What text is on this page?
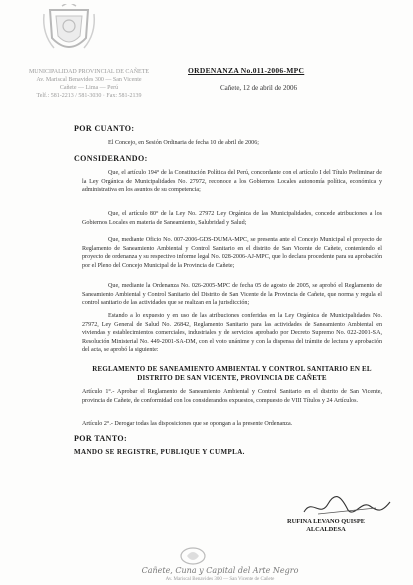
MUNICIPALIDAD PROVINCIAL DE CAÑETE
Av. Mariscal Benavides 300 — San Vicente
Cañete — Lima — Perú
Telf.: 581-2213 / 581-3030 · Fax: 581-2139
ORDENANZA No.011-2006-MPC
Cañete, 12 de abril de 2006
POR CUANTO:
El Concejo, en Sesión Ordinaria de fecha 10 de abril de 2006;
CONSIDERANDO:
Que, el artículo 194° de la Constitución Política del Perú, concordante con el artículo I del Título Preliminar de la Ley Orgánica de Municipalidades No. 27972, reconoce a los Gobiernos Locales autonomía política, económica y administrativa en los asuntos de su competencia;
Que, el artículo 80° de la Ley No. 27972 Ley Orgánica de las Municipalidades, concede atribuciones a los Gobiernos Locales en materia de Saneamiento, Salubridad y Salud;
Que, mediante Oficio No. 007-2006-GDS-DUMA-MPC, se presenta ante el Concejo Municipal el proyecto de Reglamento de Saneamiento Ambiental y Control Sanitario en el distrito de San Vicente de Cañete, conteniendo el proyecto de ordenanza y su respectivo informe legal No. 028-2006-AJ-MPC, que lo declara procedente para su aprobación por el Pleno del Concejo Municipal de la Provincia de Cañete;
Que, mediante la Ordenanza No. 026-2005-MPC de fecha 05 de agosto de 2005, se aprobó el Reglamento de Saneamiento Ambiental y Control Sanitario del Distrito de San Vicente de la Provincia de Cañete, que norma y regula el control sanitario de las actividades que se realizan en la jurisdicción;
Estando a lo expuesto y en uso de las atribuciones conferidas en la Ley Orgánica de Municipalidades No. 27972, Ley General de Salud No. 26842, Reglamento Sanitario para las actividades de Saneamiento Ambiental en viviendas y establecimientos comerciales, industriales y de servicios aprobado por Decreto Supremo No. 022-2001-SA, Resolución Ministerial No. 449-2001-SA-DM, con el voto unánime y con la dispensa del trámite de lectura y aprobación del acta, se aprobó la siguiente:
REGLAMENTO DE SANEAMIENTO AMBIENTAL Y CONTROL SANITARIO EN EL DISTRITO DE SAN VICENTE, PROVINCIA DE CAÑETE
Artículo 1°.- Aprobar el Reglamento de Saneamiento Ambiental y Control Sanitario en el distrito de San Vicente, provincia de Cañete, de conformidad con los considerandos expuestos, compuesto de VIII Títulos y 24 Artículos.
Artículo 2°.- Derogar todas las disposiciones que se opongan a la presente Ordenanza.
POR TANTO:
MANDO SE REGISTRE, PUBLIQUE Y CUMPLA.
RUFINA LEVANO QUISPE
ALCALDESA
Cañete, Cuna y Capital del Arte Negro
Av. Mariscal Benavides 300 — San Vicente de Cañete
